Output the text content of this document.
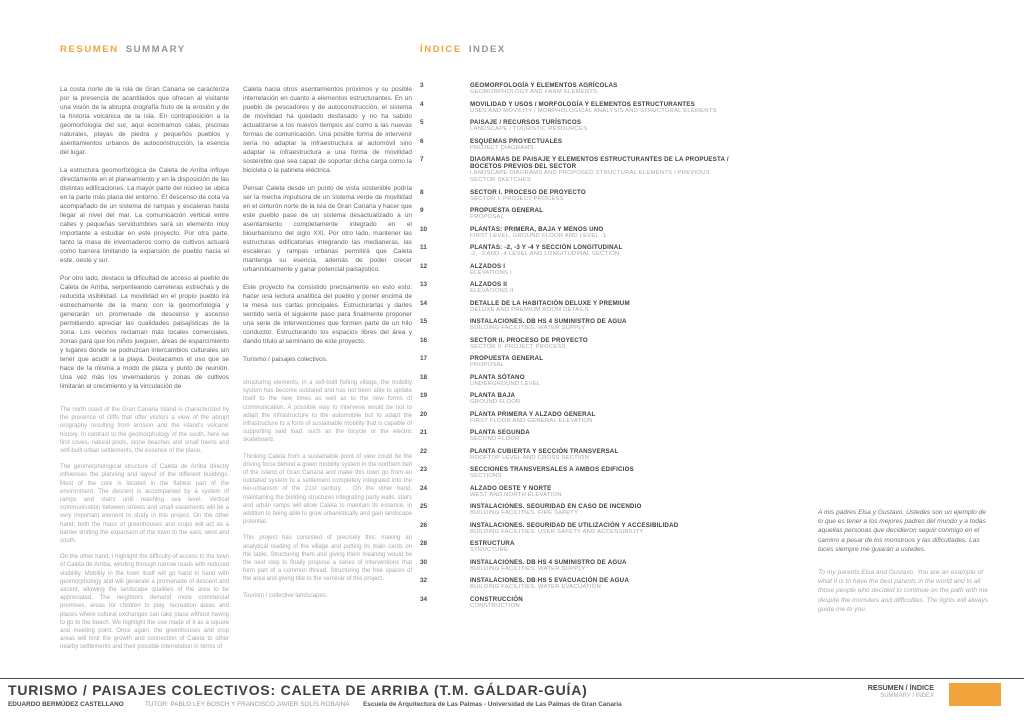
RESUMEN SUMMARY

La costa norte de la isla de Gran Canaria se caracteriza por la presencia de acantilados que ofrecen al visitante una visión de la abrupta orografía fruto de la erosión y de la historia volcánica de la isla. En contraposición a la geomorfología del sur, aquí econtramos calas, piscinas naturales, playas de piedra y pequeños pueblos y asentamientos urbanos de autoconstrucción, la esencia del lugar.

La estructura geomorfológica de Caleta de Arriba influye directamente en el planeamiento y en la disposición de las distintas edificaciones. La mayor parte del núcleo se ubica en la parte más plana del entorno. El descenso de cota va acompañado de un sistema de rampas y escaleras hasta llegar al nivel del mar. La comunicación vertical entre calles y pequeñas servidumbres será un elemento muy importante a estudiar en este proyecto. Por otra parte, tanto la masa de invernaderos como de cultivos actuará como barrera limitando la expansión de pueblo hacia el este, oeste y sur.

Por otro lado, destaco la dificultad de acceso al pueblo de Caleta de Arriba, serpenteando carreteras estrechas y de reducida visibilidad. La movilidad en el propio pueblo irá estrechamente de la mano con la geomorfología y generarán un promenade de descenso y ascenso permitiendo apreciar las cualidades paisajísticas de la zona. Los vecinos reclaman más locales comerciales, zonas para que los niños jueguen, áreas de esparcimiento y lugares donde se podruzcan intercambios culturales sin tener que acudir a la playa. Destacamos el uso que se hace de la misma a modo de plaza y punto de reunión. Una vez más los invernaderos y zonas de cultivos limitarán el crecimiento y la vinculación de

The north coast of the Gran Canaria Island is characterized by the presence of cliffs that offer visitors a view of the abrupt orography resulting from erosion and the island's volcanic history. In contrast to the geomorphology of the south, here we find coves, natural pools, stone beaches and small towns and self-built urban settlements, the essence of the place.

The geomorphological structure of Caleta de Arriba directly influences the planning and layout of the different buildings. Most of the core is located in the flattest part of the environment. The descent is accompanied by a system of ramps and stairs until reaching sea level. Vertical communication between streets and small easements will be a very important element to study in this project. On the other hand, both the mass of greenhouses and crops will act as a barrier limiting the expansion of the town to the east, west and south.

On the other hand, I highlight the difficulty of access to the town of Caleta de Arriba, winding through narrow roads with reduced visibility. Mobility in the town itself will go hand in hand with geomorphology and will generate a promenade of descent and ascent, allowing the landscape qualities of the area to be appreciated. The neighbors demand more commercial premises, areas for children to play, recreation areas and places where cultural exchanges can take place without having to go to the beach. We highlight the use made of it as a square and meeting point. Once again, the greenhouses and crop areas will limit the growth and connection of Caleta to other nearby settlements and their possible interrelation in terms of

Caleta hacia otros asentamientos próximos y su posible interrelación en cuanto a elementos estructurantes. En un pueblo de pescadores y de autoconstrucción, el sistema de movilidad ha quedado desfasado y no ha sabido actualizarse a los nuevos tiempos así como a las nuevas formas de comunicación. Una posible forma de intervenir sería no adaptar la infraestructura al automóvil sino adaptar la infraestructura a una forma de movilidad sostenible que sea capaz de soportar dicha carga como la bicicleta o la patineta eléctrica.

Pensar Caleta desde un punto de vista sostenible podría ser la mecha impulsora de un sistema verde de movilidad en el cinturón norte de la isla de Gran Canaria y hacer que este pueblo pase de un sistema desactualizado a un asentamiento completamente integrado en el biourbanismo del siglo XXI. Por otro lado, mantener las estructuras edificatorias integrando las medianeras, las escaleras y rampas urbanas permitirá que Caleta mantenga su esencia, además de poder crecer urbanísticamente y ganar potencial paisajístico.

Este proyecto ha consistido precisamente en esto esto: hacer una lectura analítica del pueblo y poner encima de la mesa sus cartas principales. Estructurarlas y darles sentido sería el siguiente paso para finalmente proponer una serie de intervenciones que formen parte de un hilo conductor. Estructurando los espacios libres del área y dando título al seminario de este proyecto.

Turismo / paisajes colectivos.

structuring elements, in a self-built fishing village, the mobility system has become outdated and has not been able to update itself to the new times as well as to the new forms of communication. A possible way to intervene would be not to adapt the infrastructure to the automobile but to adapt the infrastructure to a form of sustainable mobility that is capable of supporting said load, such as the bicycle or the electric skateboard.

Thinking Caleta from a sustainable point of view could be the driving force behind a green mobility system in the northern belt of the island of Gran Canaria and make this town go from an outdated system to a settlement completely integrated into the bio-urbanism of the 21st century. . On the other hand, maintaining the building structures integrating party walls, stairs and urban ramps will allow Caleta to maintain its essence, in addition to being able to grow urbanistically and gain landscape potential.

This project has consisted of precisely this: making an analytical reading of the village and putting its main cards on the table. Structuring them and giving them meaning would be the next step to finally propose a series of interventions that form part of a common thread. Structuring the free spaces of the area and giving title to the seminar of this project.

Tourism / collective landscapes.

ÍNDICE INDEX
3	GEOMORFOLOGÍA Y ELEMENTOS AGRÍCOLAS
GEOMORPHOLOGY AND FARM ELEMENTS
4	MOVILIDAD Y USOS / MORFOLOGÍA Y ELEMENTOS ESTRUCTURANTES
USES AND MOVILITY / MORPHOLOGICAL ANALYSIS AND STRUCTURAL ELEMENTS
5	PAISAJE / RECURSOS TURÍSTICOS
LANDSCAPE / TOURISTIC RESOURCES
6	ESQUEMAS PROYECTUALES
PROJECT DIAGRAMS
7	DIAGRAMAS DE PAISAJE Y ELEMENTOS ESTRUCTURANTES DE LA PROPUESTA / BOCETOS PREVIOS DEL SECTOR
LANDSCAPE DIAGRAMS AND PROPOSED STRUCTURAL ELEMENTS / PREVIOUS SECTOR SKETCHES
8	SECTOR I. PROCESO DE PROYECTO
SECTOR I. PROJECT PROCESS
9	PROPUESTA GENERAL
PROPOSAL
10	PLANTAS: PRIMERA, BAJA Y MENOS UNO
FIRST LEVEL, GROUND FLOOR AND LEVEL -1
11	PLANTAS: -2, -3 Y -4 Y SECCIÓN LONGITUDINAL
-2, -3 AND -4 LEVEL AND LONGITUDINAL SECTION
12	ALZADOS I
ELEVATIONS I
13	ALZADOS II
ELEVATIONS II
14	DETALLE DE LA HABITACIÓN DELUXE Y PREMIUM
DELUXE AND PREMIUM ROOM DETAILS
15	INSTALACIONES. DB HS 4 SUMINISTRO DE AGUA
BUILDING FACILITIES. WATER SUPPLY
16	SECTOR II. PROCESO DE PROYECTO
SECTOR II. PROJECT PROCESS
17	PROPUESTA GENERAL
PROPOSAL
18	PLANTA SÓTANO
UNDERGROUND LEVEL
19	PLANTA BAJA
GROUND FLOOR
20	PLANTA PRIMERA Y ALZADO GENERAL
FIRST FLOOR AND GENERAL ELEVATION
21	PLANTA SEGUNDA
SECOND FLOOR
22	PLANTA CUBIERTA Y SECCIÓN TRANSVERSAL
ROOFTOP LEVEL AND CROSS SECTION
23	SECCIONES TRANSVERSALES A AMBOS EDIFICIOS
SECTIONS
24	ALZADO OESTE Y NORTE
WEST AND NORTH ELEVATION
25	INSTALACIONES. SEGURIDAD EN CASO DE INCENDIO
BUILDING FACILITIES. FIRE SAFETY
26	INSTALACIONES. SEGURIDAD DE UTILIZACIÓN Y ACCESIBILIDAD
BUILDING FACILITIES. USER SAFETY AND ACCESSIBILITY
28	ESTRUCTURA
STRUCTURE
30	INSTALACIONES. DB HS 4 SUMINISTRO DE AGUA
BUILDING FACILITIES. WATER SUPPLY
32	INSTALACIONES. DB HS 5 EVACUACIÓN DE AGUA
BUILDING FACILITIES. WATER EVACUATION
34	CONSTRUCCIÓN
CONSTRUCTION

A mis padres Elsa y Gustavo. Ustedes son un ejemplo de lo que es tener a los mejores padres del mundo y a todas aquellas personas que decidieron seguir conmigo en el camino a pesar de los monstruos y las dificultades. Las luces siempre me guiarán a ustedes.

To my parents Elsa and Gustavo. You are an example of what it is to have the best parents in the world and to all those people who decided to continue on the path with me despite the monsters and difficulties. The lights will always guide me to you.

TURISMO / PAISAJES COLECTIVOS: CALETA DE ARRIBA (T.M. GÁLDAR-GUÍA)
EDUARDO BERMÚDEZ CASTELLANO	TUTOR: PABLO LEY BOSCH Y FRANCISCO JAVIER SOLÍS ROBAINA	Escuela de Arquitectura de Las Palmas - Universidad de Las Palmas de Gran Canaria
RESUMEN / ÍNDICE
SUMMARY / INDEX
